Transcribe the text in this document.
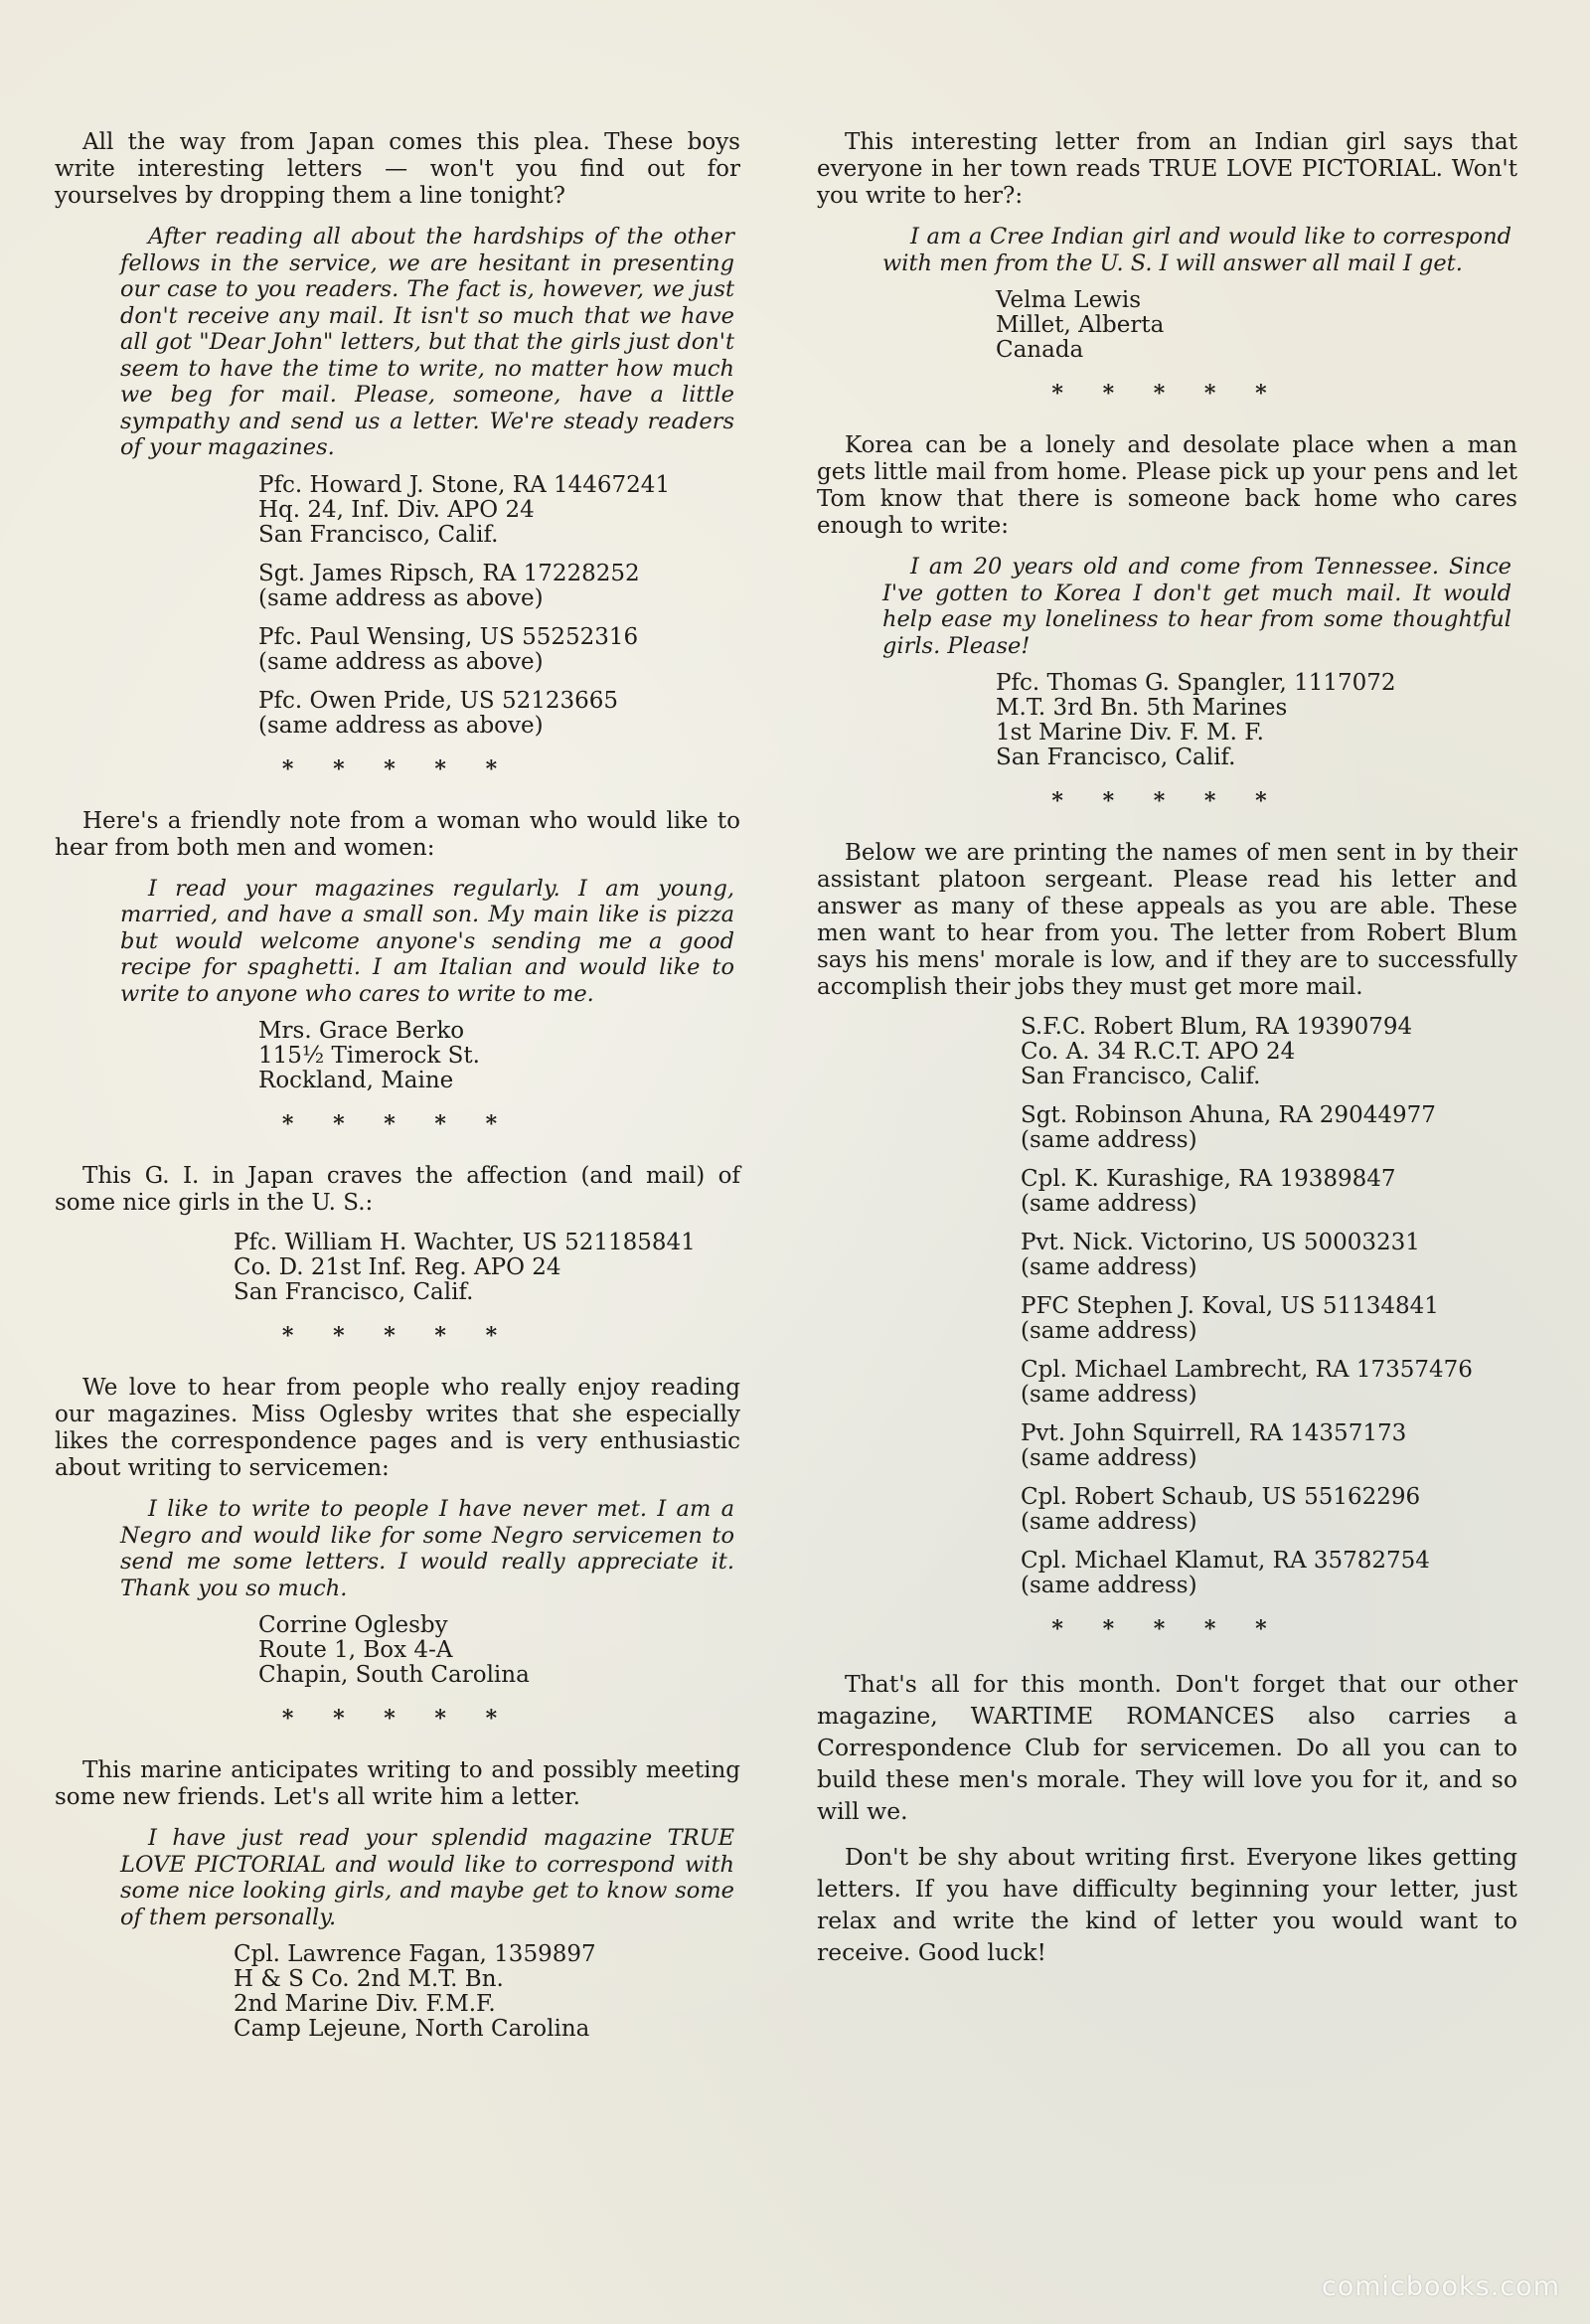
All the way from Japan comes this plea. These boys write interesting letters — won't you find out for yourselves by dropping them a line tonight?

After reading all about the hardships of the other fellows in the service, we are hesitant in presenting our case to you readers. The fact is, however, we just don't receive any mail. It isn't so much that we have all got "Dear John" letters, but that the girls just don't seem to have the time to write, no matter how much we beg for mail. Please, someone, have a little sympathy and send us a letter. We're steady readers of your magazines.

Pfc. Howard J. Stone, RA 14467241
Hq. 24, Inf. Div. APO 24
San Francisco, Calif.
Sgt. James Ripsch, RA 17228252
(same address as above)
Pfc. Paul Wensing, US 55252316
(same address as above)
Pfc. Owen Pride, US 52123665
(same address as above)
* * * * *

Here's a friendly note from a woman who would like to hear from both men and women:

I read your magazines regularly. I am young, married, and have a small son. My main like is pizza but would welcome anyone's sending me a good recipe for spaghetti. I am Italian and would like to write to anyone who cares to write to me.

Mrs. Grace Berko
115½ Timerock St.
Rockland, Maine
* * * * *

This G. I. in Japan craves the affection (and mail) of some nice girls in the U. S.:

Pfc. William H. Wachter, US 521185841
Co. D. 21st Inf. Reg. APO 24
San Francisco, Calif.
* * * * *

We love to hear from people who really enjoy reading our magazines. Miss Oglesby writes that she especially likes the correspondence pages and is very enthusiastic about writing to servicemen:

I like to write to people I have never met. I am a Negro and would like for some Negro servicemen to send me some letters. I would really appreciate it. Thank you so much.

Corrine Oglesby
Route 1, Box 4-A
Chapin, South Carolina
* * * * *

This marine anticipates writing to and possibly meeting some new friends. Let's all write him a letter.

I have just read your splendid magazine TRUE LOVE PICTORIAL and would like to correspond with some nice looking girls, and maybe get to know some of them personally.

Cpl. Lawrence Fagan, 1359897
H & S Co. 2nd M.T. Bn.
2nd Marine Div. F.M.F.
Camp Lejeune, North Carolina

This interesting letter from an Indian girl says that everyone in her town reads TRUE LOVE PICTORIAL. Won't you write to her?:

I am a Cree Indian girl and would like to correspond with men from the U. S. I will answer all mail I get.

Velma Lewis
Millet, Alberta
Canada
* * * * *

Korea can be a lonely and desolate place when a man gets little mail from home. Please pick up your pens and let Tom know that there is someone back home who cares enough to write:

I am 20 years old and come from Tennessee. Since I've gotten to Korea I don't get much mail. It would help ease my loneliness to hear from some thoughtful girls. Please!

Pfc. Thomas G. Spangler, 1117072
M.T. 3rd Bn. 5th Marines
1st Marine Div. F. M. F.
San Francisco, Calif.
* * * * *

Below we are printing the names of men sent in by their assistant platoon sergeant. Please read his letter and answer as many of these appeals as you are able. These men want to hear from you. The letter from Robert Blum says his mens' morale is low, and if they are to successfully accomplish their jobs they must get more mail.

S.F.C. Robert Blum, RA 19390794
Co. A. 34 R.C.T. APO 24
San Francisco, Calif.
Sgt. Robinson Ahuna, RA 29044977
(same address)
Cpl. K. Kurashige, RA 19389847
(same address)
Pvt. Nick. Victorino, US 50003231
(same address)
PFC Stephen J. Koval, US 51134841
(same address)
Cpl. Michael Lambrecht, RA 17357476
(same address)
Pvt. John Squirrell, RA 14357173
(same address)
Cpl. Robert Schaub, US 55162296
(same address)
Cpl. Michael Klamut, RA 35782754
(same address)
* * * * *

That's all for this month. Don't forget that our other magazine, WARTIME ROMANCES also carries a Correspondence Club for servicemen. Do all you can to build these men's morale. They will love you for it, and so will we.

Don't be shy about writing first. Everyone likes getting letters. If you have difficulty beginning your letter, just relax and write the kind of letter you would want to receive. Good luck!

comicbooks.com
